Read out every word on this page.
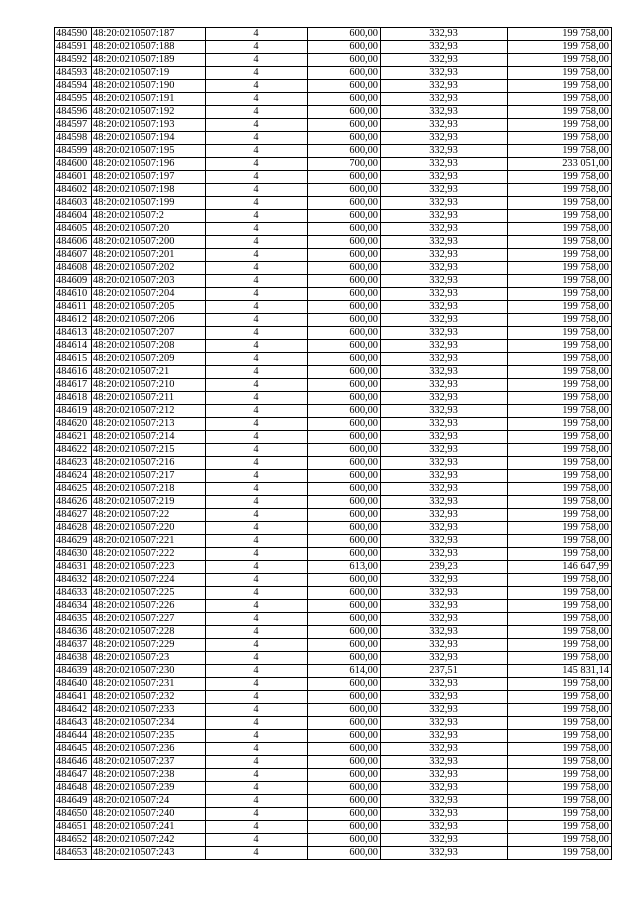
484590	48:20:0210507:187	4	600,00	332,93	199 758,00
484591	48:20:0210507:188	4	600,00	332,93	199 758,00
484592	48:20:0210507:189	4	600,00	332,93	199 758,00
484593	48:20:0210507:19	4	600,00	332,93	199 758,00
484594	48:20:0210507:190	4	600,00	332,93	199 758,00
484595	48:20:0210507:191	4	600,00	332,93	199 758,00
484596	48:20:0210507:192	4	600,00	332,93	199 758,00
484597	48:20:0210507:193	4	600,00	332,93	199 758,00
484598	48:20:0210507:194	4	600,00	332,93	199 758,00
484599	48:20:0210507:195	4	600,00	332,93	199 758,00
484600	48:20:0210507:196	4	700,00	332,93	233 051,00
484601	48:20:0210507:197	4	600,00	332,93	199 758,00
484602	48:20:0210507:198	4	600,00	332,93	199 758,00
484603	48:20:0210507:199	4	600,00	332,93	199 758,00
484604	48:20:0210507:2	4	600,00	332,93	199 758,00
484605	48:20:0210507:20	4	600,00	332,93	199 758,00
484606	48:20:0210507:200	4	600,00	332,93	199 758,00
484607	48:20:0210507:201	4	600,00	332,93	199 758,00
484608	48:20:0210507:202	4	600,00	332,93	199 758,00
484609	48:20:0210507:203	4	600,00	332,93	199 758,00
484610	48:20:0210507:204	4	600,00	332,93	199 758,00
484611	48:20:0210507:205	4	600,00	332,93	199 758,00
484612	48:20:0210507:206	4	600,00	332,93	199 758,00
484613	48:20:0210507:207	4	600,00	332,93	199 758,00
484614	48:20:0210507:208	4	600,00	332,93	199 758,00
484615	48:20:0210507:209	4	600,00	332,93	199 758,00
484616	48:20:0210507:21	4	600,00	332,93	199 758,00
484617	48:20:0210507:210	4	600,00	332,93	199 758,00
484618	48:20:0210507:211	4	600,00	332,93	199 758,00
484619	48:20:0210507:212	4	600,00	332,93	199 758,00
484620	48:20:0210507:213	4	600,00	332,93	199 758,00
484621	48:20:0210507:214	4	600,00	332,93	199 758,00
484622	48:20:0210507:215	4	600,00	332,93	199 758,00
484623	48:20:0210507:216	4	600,00	332,93	199 758,00
484624	48:20:0210507:217	4	600,00	332,93	199 758,00
484625	48:20:0210507:218	4	600,00	332,93	199 758,00
484626	48:20:0210507:219	4	600,00	332,93	199 758,00
484627	48:20:0210507:22	4	600,00	332,93	199 758,00
484628	48:20:0210507:220	4	600,00	332,93	199 758,00
484629	48:20:0210507:221	4	600,00	332,93	199 758,00
484630	48:20:0210507:222	4	600,00	332,93	199 758,00
484631	48:20:0210507:223	4	613,00	239,23	146 647,99
484632	48:20:0210507:224	4	600,00	332,93	199 758,00
484633	48:20:0210507:225	4	600,00	332,93	199 758,00
484634	48:20:0210507:226	4	600,00	332,93	199 758,00
484635	48:20:0210507:227	4	600,00	332,93	199 758,00
484636	48:20:0210507:228	4	600,00	332,93	199 758,00
484637	48:20:0210507:229	4	600,00	332,93	199 758,00
484638	48:20:0210507:23	4	600,00	332,93	199 758,00
484639	48:20:0210507:230	4	614,00	237,51	145 831,14
484640	48:20:0210507:231	4	600,00	332,93	199 758,00
484641	48:20:0210507:232	4	600,00	332,93	199 758,00
484642	48:20:0210507:233	4	600,00	332,93	199 758,00
484643	48:20:0210507:234	4	600,00	332,93	199 758,00
484644	48:20:0210507:235	4	600,00	332,93	199 758,00
484645	48:20:0210507:236	4	600,00	332,93	199 758,00
484646	48:20:0210507:237	4	600,00	332,93	199 758,00
484647	48:20:0210507:238	4	600,00	332,93	199 758,00
484648	48:20:0210507:239	4	600,00	332,93	199 758,00
484649	48:20:0210507:24	4	600,00	332,93	199 758,00
484650	48:20:0210507:240	4	600,00	332,93	199 758,00
484651	48:20:0210507:241	4	600,00	332,93	199 758,00
484652	48:20:0210507:242	4	600,00	332,93	199 758,00
484653	48:20:0210507:243	4	600,00	332,93	199 758,00
